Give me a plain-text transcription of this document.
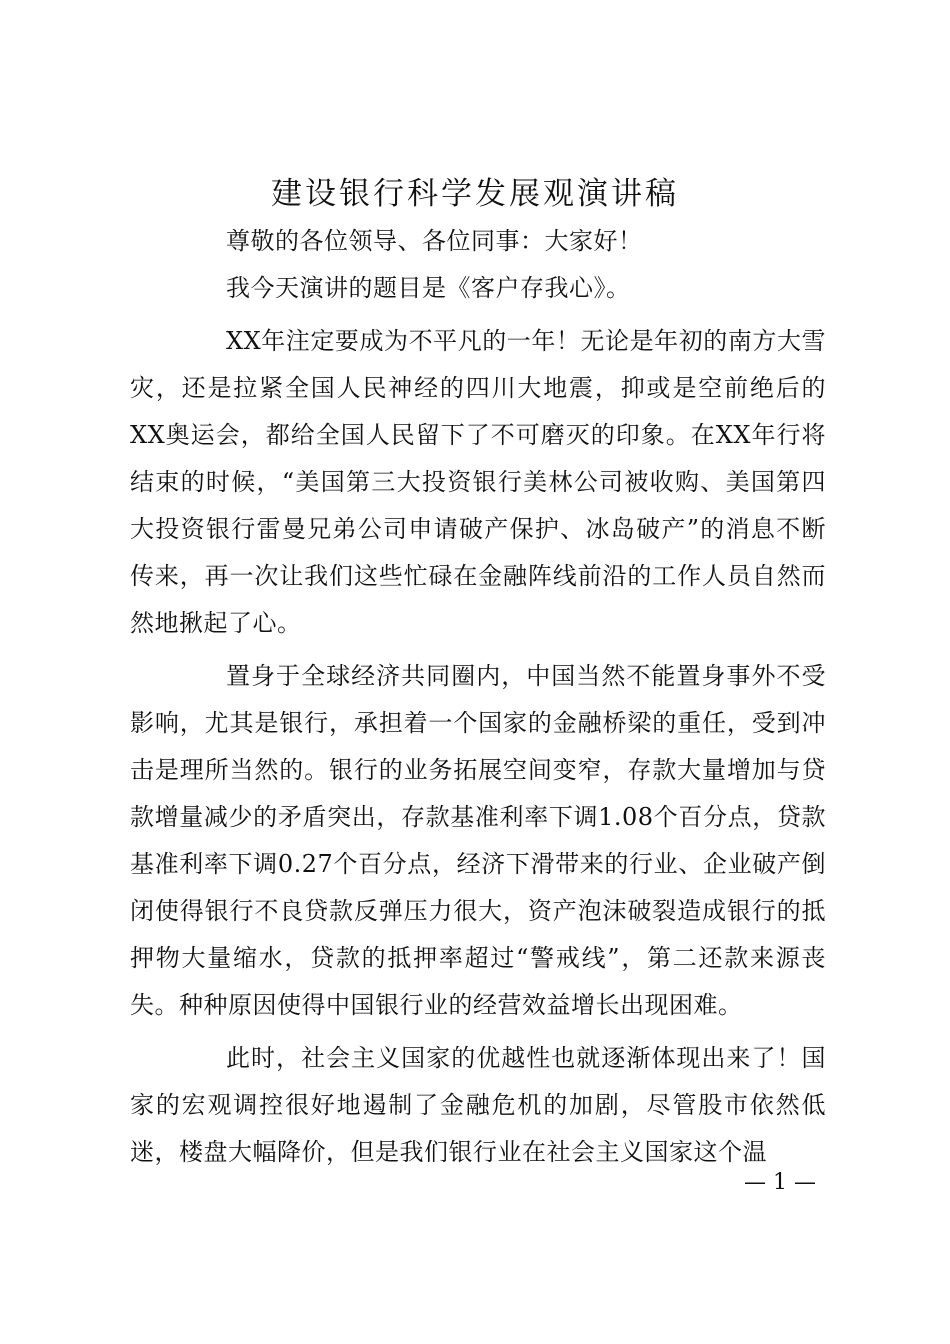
建设银行科学发展观演讲稿

尊敬的各位领导、各位同事：大家好！

我今天演讲的题目是《客户存我心》。

XX年注定要成为不平凡的一年！无论是年初的南方大雪灾，还是拉紧全国人民神经的四川大地震，抑或是空前绝后的XX奥运会，都给全国人民留下了不可磨灭的印象。在XX年行将结束的时候，“美国第三大投资银行美林公司被收购、美国第四大投资银行雷曼兄弟公司申请破产保护、冰岛破产”的消息不断传来，再一次让我们这些忙碌在金融阵线前沿的工作人员自然而然地揪起了心。

置身于全球经济共同圈内，中国当然不能置身事外不受影响，尤其是银行，承担着一个国家的金融桥梁的重任，受到冲击是理所当然的。银行的业务拓展空间变窄，存款大量增加与贷款增量减少的矛盾突出，存款基准利率下调1.08个百分点，贷款基准利率下调0.27个百分点，经济下滑带来的行业、企业破产倒闭使得银行不良贷款反弹压力很大，资产泡沫破裂造成银行的抵押物大量缩水，贷款的抵押率超过“警戒线”，第二还款来源丧失。种种原因使得中国银行业的经营效益增长出现困难。

此时，社会主义国家的优越性也就逐渐体现出来了！国家的宏观调控很好地遏制了金融危机的加剧，尽管股市依然低迷，楼盘大幅降价，但是我们银行业在社会主义国家这个温

— 1 —
